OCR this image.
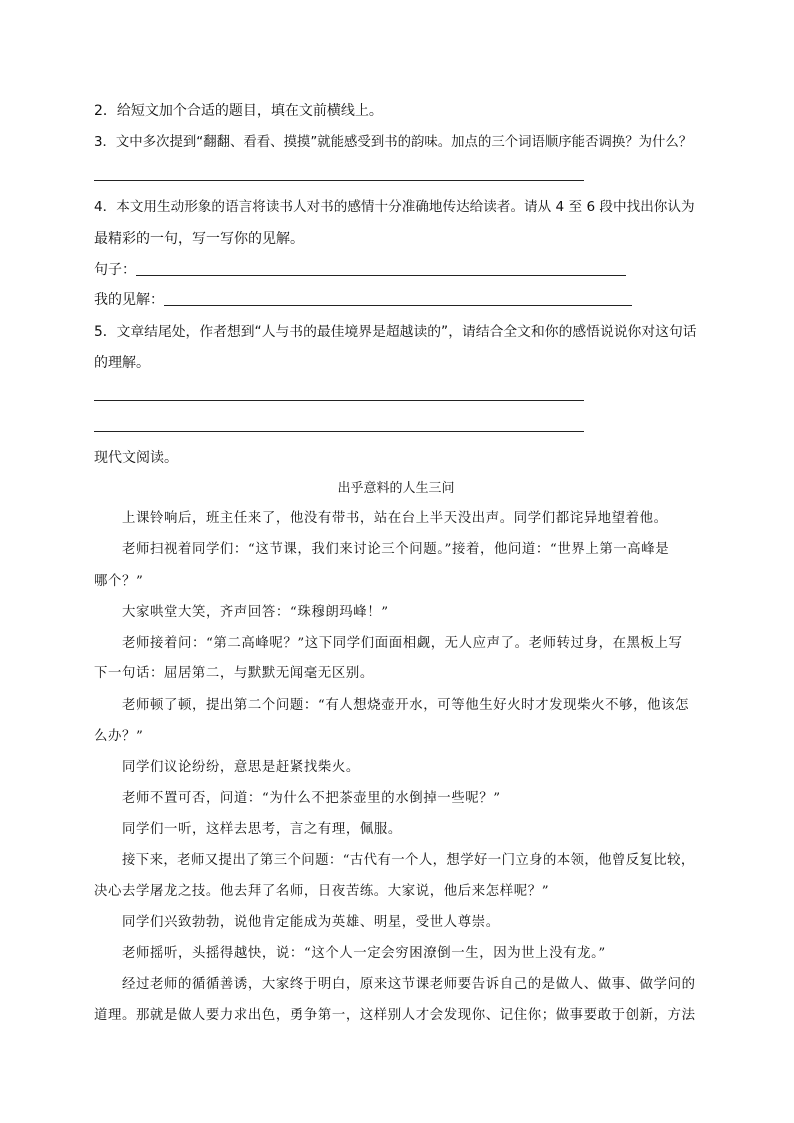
2．给短文加个合适的题目，填在文前横线上。
3．文中多次提到“翻翻、看看、摸摸”就能感受到书的韵味。加点的三个词语顺序能否调换？为什么？
4．本文用生动形象的语言将读书人对书的感情十分准确地传达给读者。请从 4 至 6 段中找出你认为
最精彩的一句，写一写你的见解。
句子：
我的见解：
5．文章结尾处，作者想到“人与书的最佳境界是超越读的”，请结合全文和你的感悟说说你对这句话
的理解。
现代文阅读。
出乎意料的人生三问
上课铃响后，班主任来了，他没有带书，站在台上半天没出声。同学们都诧异地望着他。
老师扫视着同学们：“这节课，我们来讨论三个问题。”接着，他问道：“世界上第一高峰是
哪个？”
大家哄堂大笑，齐声回答：“珠穆朗玛峰！”
老师接着问：“第二高峰呢？”这下同学们面面相觑，无人应声了。老师转过身，在黑板上写
下一句话：屈居第二，与默默无闻毫无区别。
老师顿了顿，提出第二个问题：“有人想烧壶开水，可等他生好火时才发现柴火不够，他该怎
么办？”
同学们议论纷纷，意思是赶紧找柴火。
老师不置可否，问道：“为什么不把茶壶里的水倒掉一些呢？”
同学们一听，这样去思考，言之有理，佩服。
接下来，老师又提出了第三个问题：“古代有一个人，想学好一门立身的本领，他曾反复比较，
决心去学屠龙之技。他去拜了名师，日夜苦练。大家说，他后来怎样呢？”
同学们兴致勃勃，说他肯定能成为英雄、明星，受世人尊崇。
老师摇听，头摇得越快，说：“这个人一定会穷困潦倒一生，因为世上没有龙。”
经过老师的循循善诱，大家终于明白，原来这节课老师要告诉自己的是做人、做事、做学问的
道理。那就是做人要力求出色，勇争第一，这样别人才会发现你、记住你；做事要敢于创新，方法
